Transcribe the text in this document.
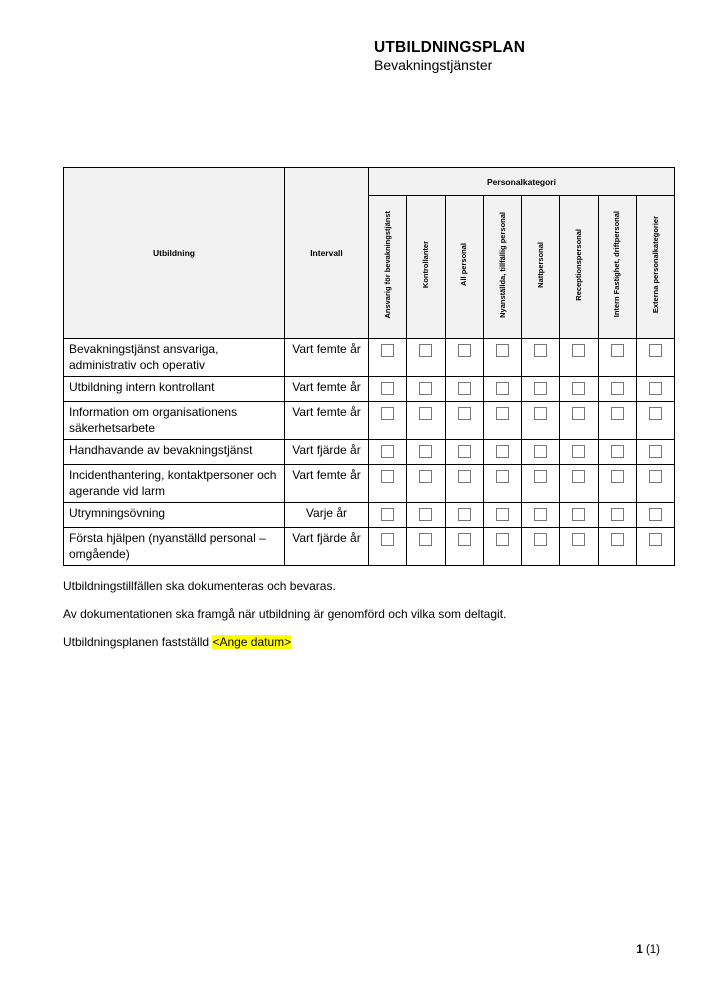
UTBILDNINGSPLAN
Bevakningstjänster
Utbildning	Intervall	Personalkategori							
		Ansvarig för bevakningstjänst	Kontrollanter	All personal	Nyanställda, tillfällig personal	Nattpersonal	Receptionspersonal	Intern Fastighet, driftpersonal	Externa personalkategorier
Bevakningstjänst ansvariga, administrativ och operativ	Vart femte år								
Utbildning intern kontrollant	Vart femte år								
Information om organisationens säkerhetsarbete	Vart femte år								
Handhavande av bevakningstjänst	Vart fjärde år								
Incidenthantering, kontaktpersoner och agerande vid larm	Vart femte år								
Utrymningsövning	Varje år								
Första hjälpen (nyanställd personal – omgående)	Vart fjärde år								

Utbildningstillfällen ska dokumenteras och bevaras.

Av dokumentationen ska framgå när utbildning är genomförd och vilka som deltagit.

Utbildningsplanen fastställd <Ange datum>

1 (1)
